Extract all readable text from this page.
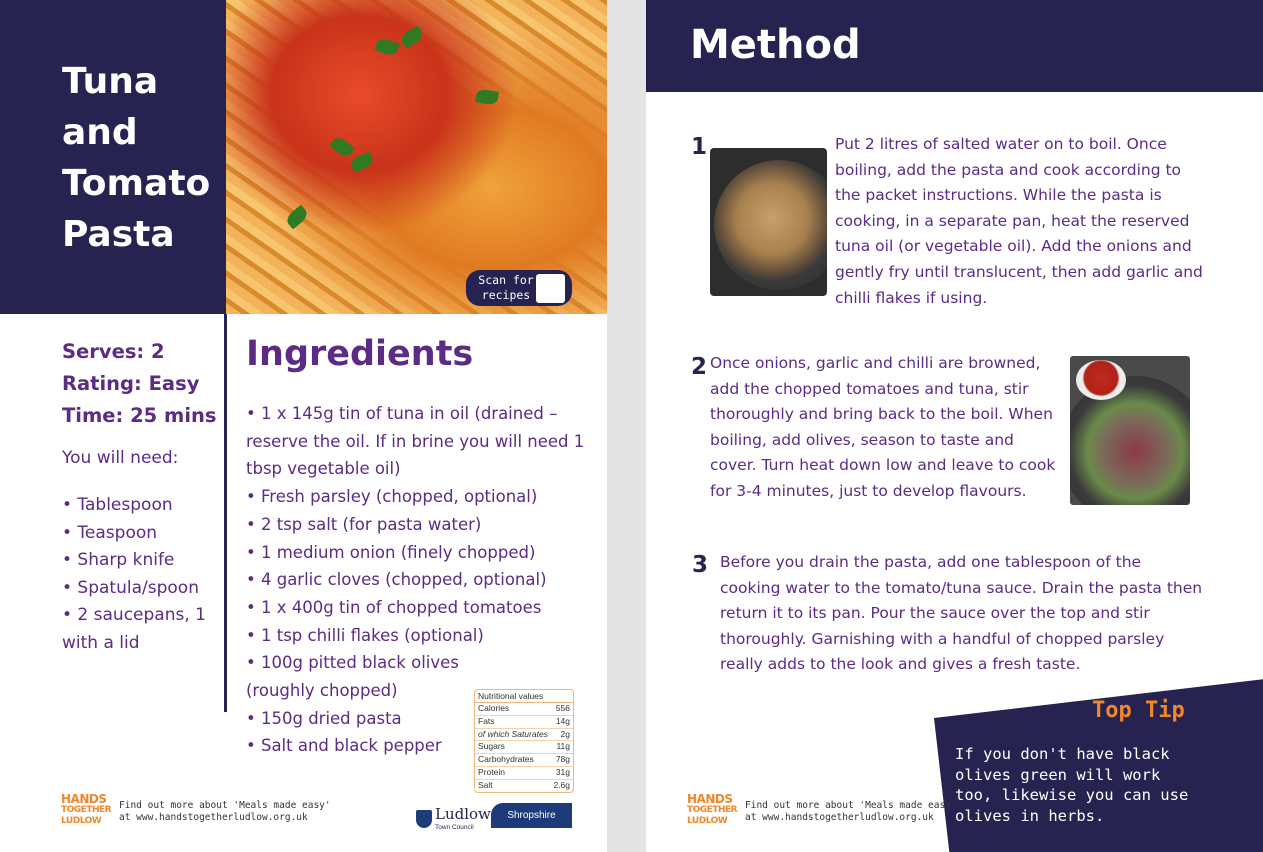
Tuna
and
Tomato
Pasta
Scan for
recipes
Serves: 2
Rating: Easy
Time: 25 mins
You will need:
• Tablespoon
• Teaspoon
• Sharp knife
• Spatula/spoon
• 2 saucepans, 1 with a lid
Ingredients
• 1 x 145g tin of tuna in oil (drained – reserve the oil. If in brine you will need 1 tbsp vegetable oil)
• Fresh parsley (chopped, optional)
• 2 tsp salt (for pasta water)
• 1 medium onion (finely chopped)
• 4 garlic cloves (chopped, optional)
• 1 x 400g tin of chopped tomatoes
• 1 tsp chilli flakes (optional)
• 100g pitted black olives (roughly chopped)
• 150g dried pasta
• Salt and black pepper
Nutritional values
Calories	556
Fats	14g
of which Saturates 2g
Sugars	11g
Carbohydrates	78g
Protein	31g
Salt	2.6g
HANDS
TOGETHER
LUDLOW
Find out more about 'Meals made easy'
at www.handstogetherludlow.org.uk	Ludlow
Town Council
Shropshire
Method
1	Put 2 litres of salted water on to boil. Once boiling, add the pasta and cook according to the packet instructions. While the pasta is cooking, in a separate pan, heat the reserved tuna oil (or vegetable oil). Add the onions and gently fry until translucent, then add garlic and chilli flakes if using.

2 Once onions, garlic and chilli are browned, add the chopped tomatoes and tuna, stir thoroughly and bring back to the boil. When boiling, add olives, season to taste and cover. Turn heat down low and leave to cook for 3-4 minutes, just to develop flavours.

3 Before you drain the pasta, add one tablespoon of the cooking water to the tomato/tuna sauce. Drain the pasta then return it to its pan. Pour the sauce over the top and stir thoroughly. Garnishing with a handful of chopped parsley really adds to the look and gives a fresh taste.

Top Tip

If you don't have black olives green will work too, likewise you can use olives in herbs.

HANDS
TOGETHER
LUDLOW
Find out more about 'Meals made easy'
at www.handstogetherludlow.org.uk
